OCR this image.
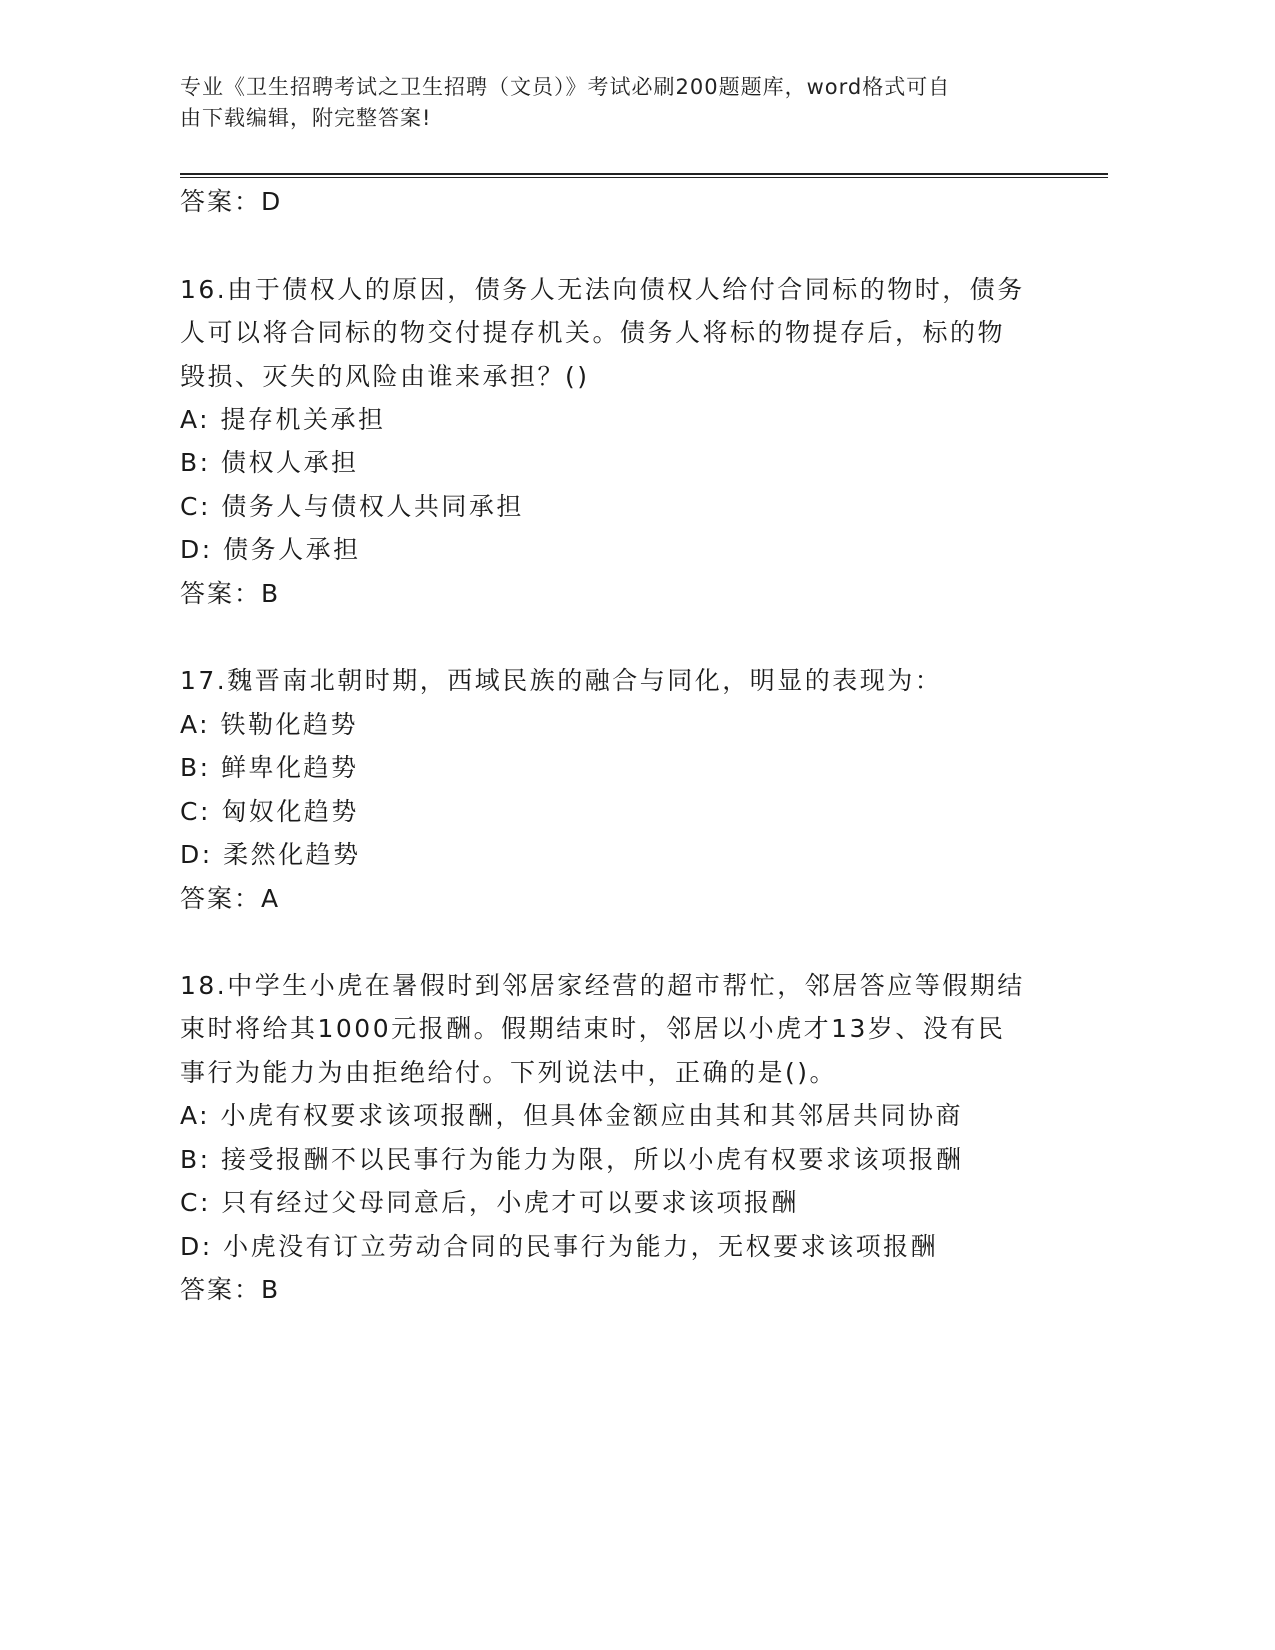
专业《卫生招聘考试之卫生招聘（文员）》考试必刷200题题库，word格式可自
由下载编辑，附完整答案!
答案：D
16.由于债权人的原因，债务人无法向债权人给付合同标的物时，债务
人可以将合同标的物交付提存机关。债务人将标的物提存后，标的物
毁损、灭失的风险由谁来承担？()
A: 提存机关承担
B: 债权人承担
C: 债务人与债权人共同承担
D: 债务人承担
答案：B
17.魏晋南北朝时期，西域民族的融合与同化，明显的表现为：
A: 铁勒化趋势
B: 鲜卑化趋势
C: 匈奴化趋势
D: 柔然化趋势
答案：A
18.中学生小虎在暑假时到邻居家经营的超市帮忙，邻居答应等假期结
束时将给其1000元报酬。假期结束时，邻居以小虎才13岁、没有民
事行为能力为由拒绝给付。下列说法中，正确的是()。
A: 小虎有权要求该项报酬，但具体金额应由其和其邻居共同协商
B: 接受报酬不以民事行为能力为限，所以小虎有权要求该项报酬
C: 只有经过父母同意后，小虎才可以要求该项报酬
D: 小虎没有订立劳动合同的民事行为能力，无权要求该项报酬
答案：B
